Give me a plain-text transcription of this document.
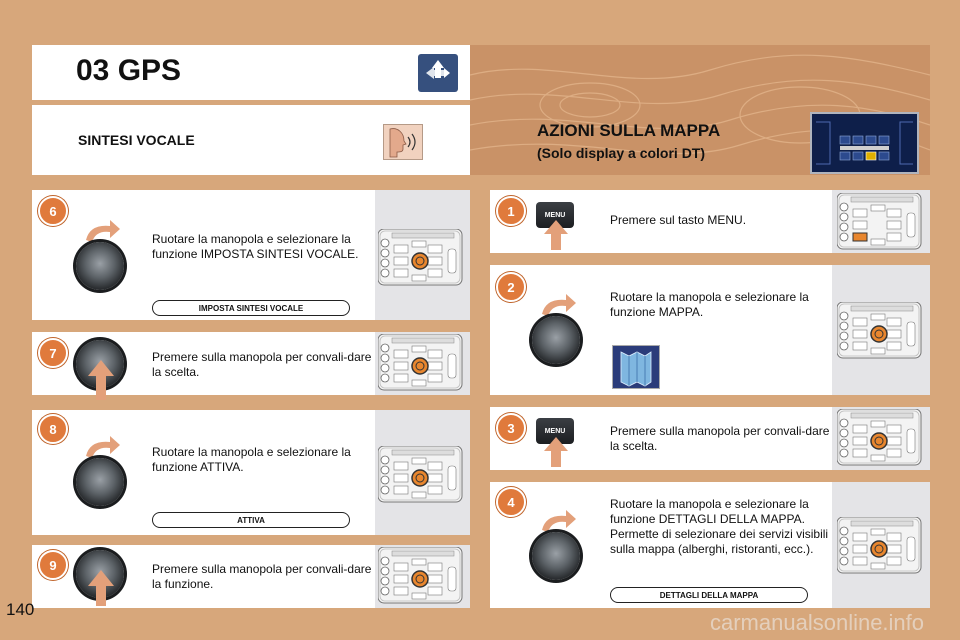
03 GPS
SINTESI VOCALE	AZIONI SULLA MAPPA
(Solo display a colori DT)
6
Ruotare la manopola e selezionare la funzione IMPOSTA SINTESI VOCALE.
IMPOSTA SINTESI VOCALE
7	Premere sulla manopola per convali-dare la scelta.
8
Ruotare la manopola e selezionare la funzione ATTIVA.
ATTIVA
9	Premere sulla manopola per convali-dare la funzione.
1	MENU	Premere sul tasto MENU.
2
Ruotare la manopola e selezionare la funzione MAPPA.
3	MENU	Premere sulla manopola per convali-dare la scelta.
4	Ruotare la manopola e selezionare la funzione DETTAGLI DELLA MAPPA. Permette di selezionare dei servizi visibili sulla mappa (alberghi, ristoranti, ecc.).
DETTAGLI DELLA MAPPA
140
carmanualsonline.info
